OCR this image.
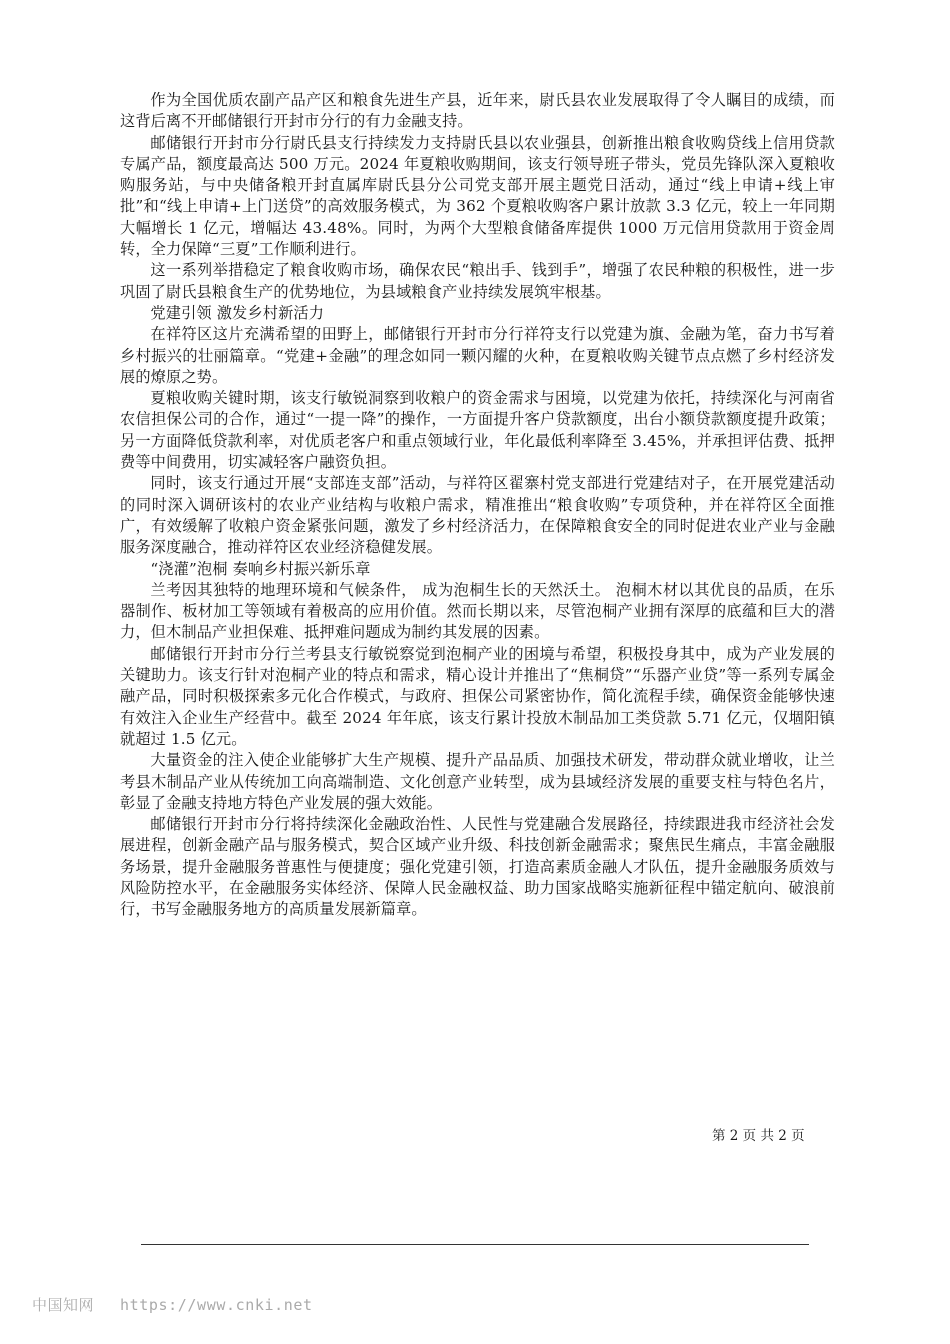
作为全国优质农副产品产区和粮食先进生产县，近年来，尉氏县农业发展取得了令人瞩目的成绩，而这背后离不开邮储银行开封市分行的有力金融支持。

邮储银行开封市分行尉氏县支行持续发力支持尉氏县以农业强县，创新推出粮食收购贷线上信用贷款专属产品，额度最高达 500 万元。2024 年夏粮收购期间，该支行领导班子带头，党员先锋队深入夏粮收购服务站，与中央储备粮开封直属库尉氏县分公司党支部开展主题党日活动，通过“线上申请+线上审批”和“线上申请+上门送贷”的高效服务模式，为 362 个夏粮收购客户累计放款 3.3 亿元，较上一年同期大幅增长 1 亿元，增幅达 43.48%。同时，为两个大型粮食储备库提供 1000 万元信用贷款用于资金周转，全力保障“三夏”工作顺利进行。

这一系列举措稳定了粮食收购市场，确保农民“粮出手、钱到手”，增强了农民种粮的积极性，进一步巩固了尉氏县粮食生产的优势地位，为县域粮食产业持续发展筑牢根基。

党建引领 激发乡村新活力

在祥符区这片充满希望的田野上，邮储银行开封市分行祥符支行以党建为旗、金融为笔，奋力书写着乡村振兴的壮丽篇章。“党建+金融”的理念如同一颗闪耀的火种，在夏粮收购关键节点点燃了乡村经济发展的燎原之势。

夏粮收购关键时期，该支行敏锐洞察到收粮户的资金需求与困境，以党建为依托，持续深化与河南省农信担保公司的合作，通过“一提一降”的操作，一方面提升客户贷款额度，出台小额贷款额度提升政策；另一方面降低贷款利率，对优质老客户和重点领域行业，年化最低利率降至 3.45%，并承担评估费、抵押费等中间费用，切实减轻客户融资负担。

同时，该支行通过开展“支部连支部”活动，与祥符区翟寨村党支部进行党建结对子，在开展党建活动的同时深入调研该村的农业产业结构与收粮户需求，精准推出“粮食收购”专项贷种，并在祥符区全面推广，有效缓解了收粮户资金紧张问题，激发了乡村经济活力，在保障粮食安全的同时促进农业产业与金融服务深度融合，推动祥符区农业经济稳健发展。

“浇灌”泡桐 奏响乡村振兴新乐章

兰考因其独特的地理环境和气候条件， 成为泡桐生长的天然沃土。 泡桐木材以其优良的品质，在乐器制作、板材加工等领域有着极高的应用价值。然而长期以来，尽管泡桐产业拥有深厚的底蕴和巨大的潜力，但木制品产业担保难、抵押难问题成为制约其发展的因素。

邮储银行开封市分行兰考县支行敏锐察觉到泡桐产业的困境与希望，积极投身其中，成为产业发展的关键助力。该支行针对泡桐产业的特点和需求，精心设计并推出了“焦桐贷”“乐器产业贷”等一系列专属金融产品，同时积极探索多元化合作模式，与政府、担保公司紧密协作，简化流程手续，确保资金能够快速有效注入企业生产经营中。截至 2024 年年底，该支行累计投放木制品加工类贷款 5.71 亿元，仅堌阳镇就超过 1.5 亿元。

大量资金的注入使企业能够扩大生产规模、提升产品品质、加强技术研发，带动群众就业增收，让兰考县木制品产业从传统加工向高端制造、文化创意产业转型，成为县域经济发展的重要支柱与特色名片，彰显了金融支持地方特色产业发展的强大效能。

邮储银行开封市分行将持续深化金融政治性、人民性与党建融合发展路径，持续跟进我市经济社会发展进程，创新金融产品与服务模式，契合区域产业升级、科技创新金融需求；聚焦民生痛点，丰富金融服务场景，提升金融服务普惠性与便捷度；强化党建引领，打造高素质金融人才队伍，提升金融服务质效与风险防控水平，在金融服务实体经济、保障人民金融权益、助力国家战略实施新征程中锚定航向、破浪前行，书写金融服务地方的高质量发展新篇章。

第 2 页 共 2 页
中国知网 https://www.cnki.net
